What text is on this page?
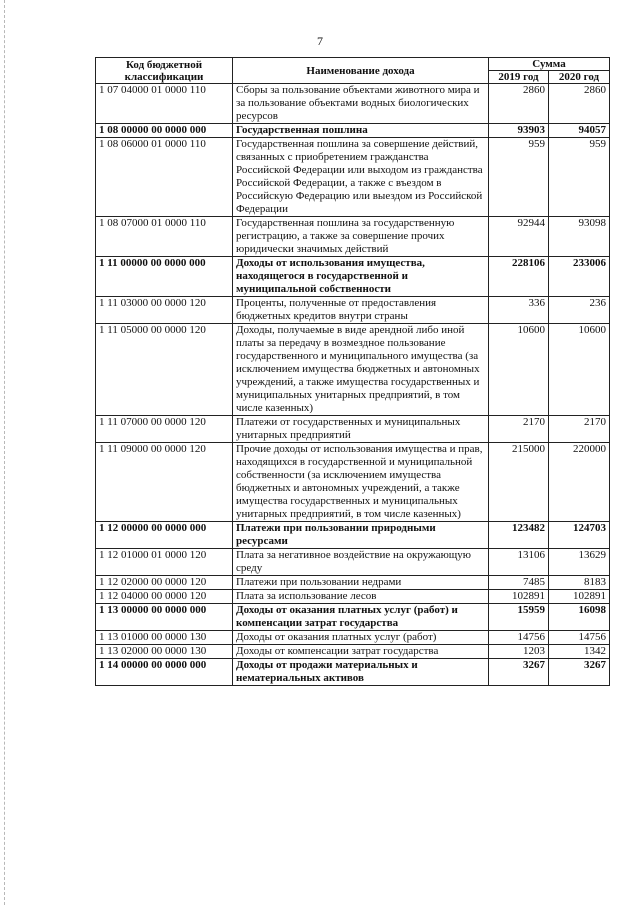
7
Код бюджетной классификации	Наименование дохода	Сумма	
		2019 год	2020 год
1 07 04000 01 0000 110	Сборы за пользование объектами животного мира и за пользование объектами водных биологических ресурсов	2860	2860
1 08 00000 00 0000 000	Государственная пошлина	93903	94057
1 08 06000 01 0000 110	Государственная пошлина за совершение действий, связанных с приобретением гражданства Российской Федерации или выходом из гражданства Российской Федерации, а также с въездом в Российскую Федерацию или выездом из Российской Федерации	959	959
1 08 07000 01 0000 110	Государственная пошлина за государственную регистрацию, а также за совершение прочих юридически значимых действий	92944	93098
1 11 00000 00 0000 000	Доходы от использования имущества, находящегося в государственной и муниципальной собственности	228106	233006
1 11 03000 00 0000 120	Проценты, полученные от предоставления бюджетных кредитов внутри страны	336	236
1 11 05000 00 0000 120	Доходы, получаемые в виде арендной либо иной платы за передачу в возмездное пользование государственного и муниципального имущества (за исключением имущества бюджетных и автономных учреждений, а также имущества государственных и муниципальных унитарных предприятий, в том числе казенных)	10600	10600
1 11 07000 00 0000 120	Платежи от государственных и муниципальных унитарных предприятий	2170	2170
1 11 09000 00 0000 120	Прочие доходы от использования имущества и прав, находящихся в государственной и муниципальной собственности (за исключением имущества бюджетных и автономных учреждений, а также имущества государственных и муниципальных унитарных предприятий, в том числе казенных)	215000	220000
1 12 00000 00 0000 000	Платежи при пользовании природными ресурсами	123482	124703
1 12 01000 01 0000 120	Плата за негативное воздействие на окружающую среду	13106	13629
1 12 02000 00 0000 120	Платежи при пользовании недрами	7485	8183
1 12 04000 00 0000 120	Плата за использование лесов	102891	102891
1 13 00000 00 0000 000	Доходы от оказания платных услуг (работ) и компенсации затрат государства	15959	16098
1 13 01000 00 0000 130	Доходы от оказания платных услуг (работ)	14756	14756
1 13 02000 00 0000 130	Доходы от компенсации затрат государства	1203	1342
1 14 00000 00 0000 000	Доходы от продажи материальных и нематериальных активов	3267	3267
